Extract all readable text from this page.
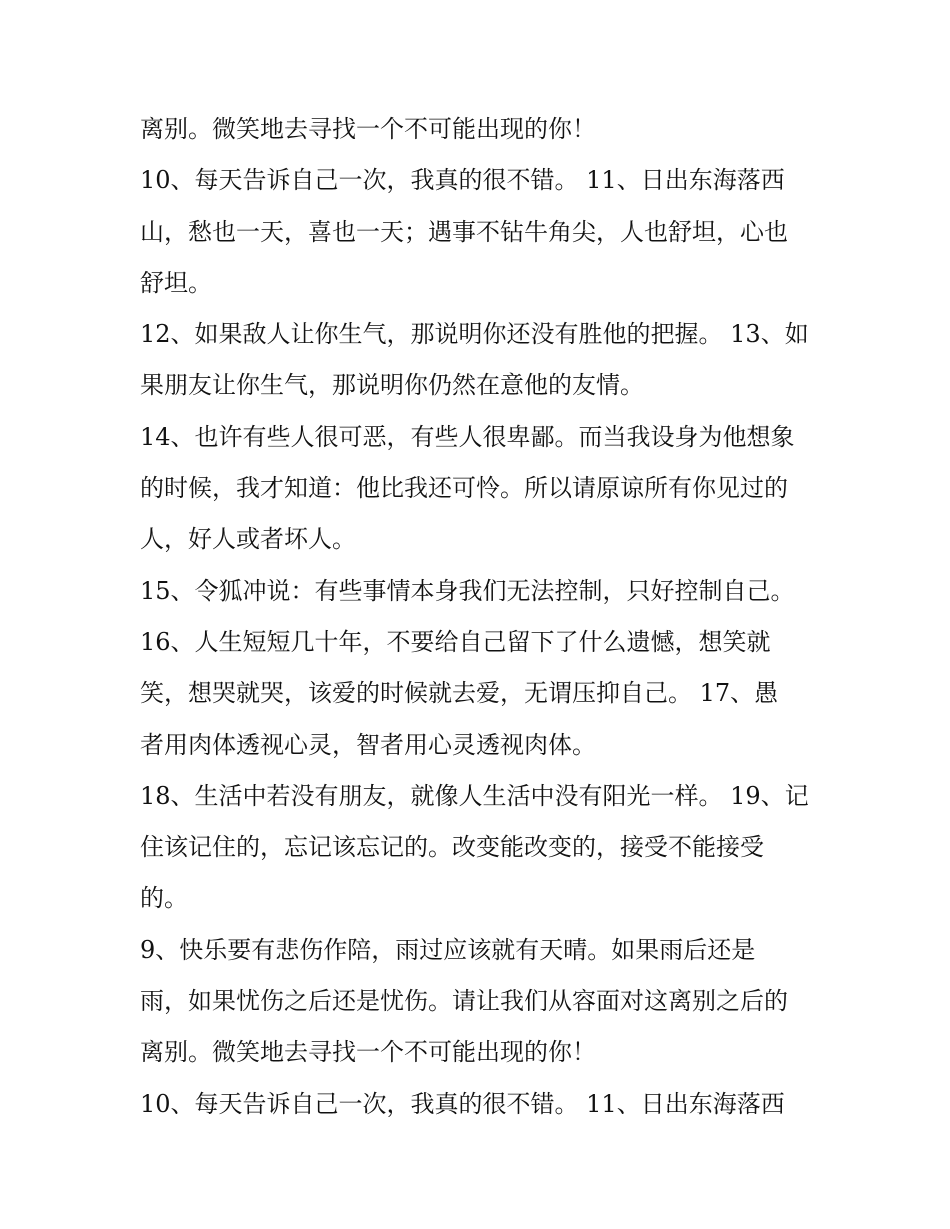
离别。微笑地去寻找一个不可能出现的你！
10、每天告诉自己一次，我真的很不错。 11、日出东海落西
山，愁也一天，喜也一天；遇事不钻牛角尖，人也舒坦，心也
舒坦。
12、如果敌人让你生气，那说明你还没有胜他的把握。 13、如
果朋友让你生气，那说明你仍然在意他的友情。
14、也许有些人很可恶，有些人很卑鄙。而当我设身为他想象
的时候，我才知道：他比我还可怜。所以请原谅所有你见过的
人，好人或者坏人。
15、令狐冲说：有些事情本身我们无法控制，只好控制自己。
16、人生短短几十年，不要给自己留下了什么遗憾，想笑就
笑，想哭就哭，该爱的时候就去爱，无谓压抑自己。 17、愚
者用肉体透视心灵，智者用心灵透视肉体。
18、生活中若没有朋友，就像人生活中没有阳光一样。 19、记
住该记住的，忘记该忘记的。改变能改变的，接受不能接受
的。
9、快乐要有悲伤作陪，雨过应该就有天晴。如果雨后还是
雨，如果忧伤之后还是忧伤。请让我们从容面对这离别之后的
离别。微笑地去寻找一个不可能出现的你！
10、每天告诉自己一次，我真的很不错。 11、日出东海落西
